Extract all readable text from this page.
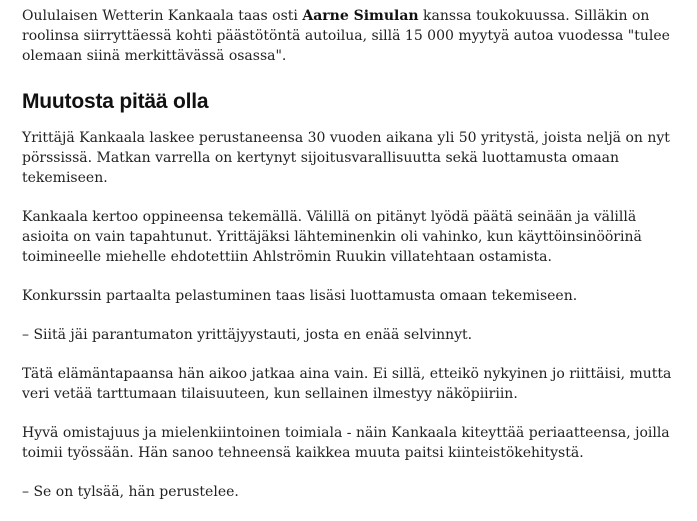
Oululaisen Wetterin Kankaala taas osti Aarne Simulan kanssa toukokuussa. Silläkin on roolinsa siirryttäessä kohti päästötöntä autoilua, sillä 15 000 myytyä autoa vuodessa "tulee olemaan siinä merkittävässä osassa".

Muutosta pitää olla

Yrittäjä Kankaala laskee perustaneensa 30 vuoden aikana yli 50 yritystä, joista neljä on nyt pörssissä. Matkan varrella on kertynyt sijoitusvarallisuutta sekä luottamusta omaan tekemiseen.

Kankaala kertoo oppineensa tekemällä. Välillä on pitänyt lyödä päätä seinään ja välillä asioita on vain tapahtunut. Yrittäjäksi lähteminenkin oli vahinko, kun käyttöinsinöörinä toimineelle miehelle ehdotettiin Ahlströmin Ruukin villatehtaan ostamista.

Konkurssin partaalta pelastuminen taas lisäsi luottamusta omaan tekemiseen.

– Siitä jäi parantumaton yrittäjyystauti, josta en enää selvinnyt.

Tätä elämäntapaansa hän aikoo jatkaa aina vain. Ei sillä, etteikö nykyinen jo riittäisi, mutta veri vetää tarttumaan tilaisuuteen, kun sellainen ilmestyy näköpiiriin.

Hyvä omistajuus ja mielenkiintoinen toimiala - näin Kankaala kiteyttää periaatteensa, joilla toimii työssään. Hän sanoo tehneensä kaikkea muuta paitsi kiinteistökehitystä.

– Se on tylsää, hän perustelee.
